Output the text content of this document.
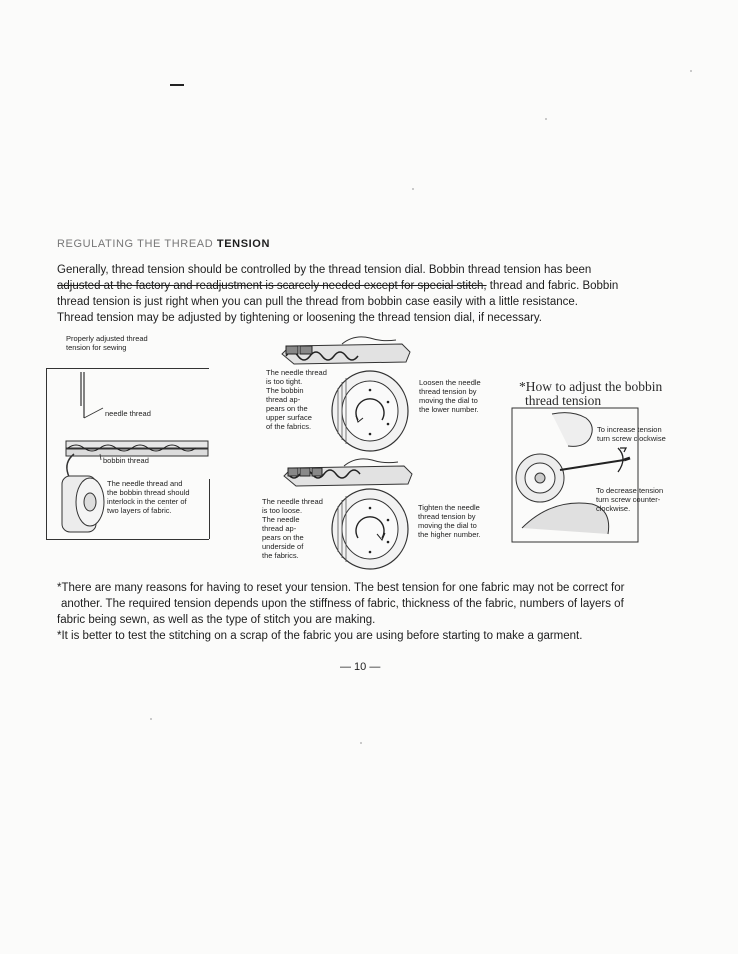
REGULATING THE THREAD TENSION
Generally, thread tension should be controlled by the thread tension dial. Bobbin thread tension has been
adjusted at the factory and readjustment is scarcely needed except for special stitch, thread and fabric. Bobbin
thread tension is just right when you can pull the thread from bobbin case easily with a little resistance.
Thread tension may be adjusted by tightening or loosening the thread tension dial, if necessary.
Properly adjusted thread
tension for sewing
needle thread
bobbin thread
The needle thread and
the bobbin thread should
interlock in the center of
two layers of fabric.
The needle thread
is too tight.
The bobbin
thread ap-
pears on the
upper surface
of the fabrics.
Loosen the needle
thread tension by
moving the dial to
the lower number.
The needle thread
is too loose.
The needle
thread ap-
pears on the
underside of
the fabrics.
Tighten the needle
thread tension by
moving the dial to
the higher number.
*How to adjust the bobbin
thread tension
To increase tension
turn screw clockwise
To decrease tension
turn screw counter-
clockwise.
*There are many reasons for having to reset your tension. The best tension for one fabric may not be correct for
another. The required tension depends upon the stiffness of fabric, thickness of the fabric, numbers of layers of
fabric being sewn, as well as the type of stitch you are making.
*It is better to test the stitching on a scrap of the fabric you are using before starting to make a garment.
— 10 —
